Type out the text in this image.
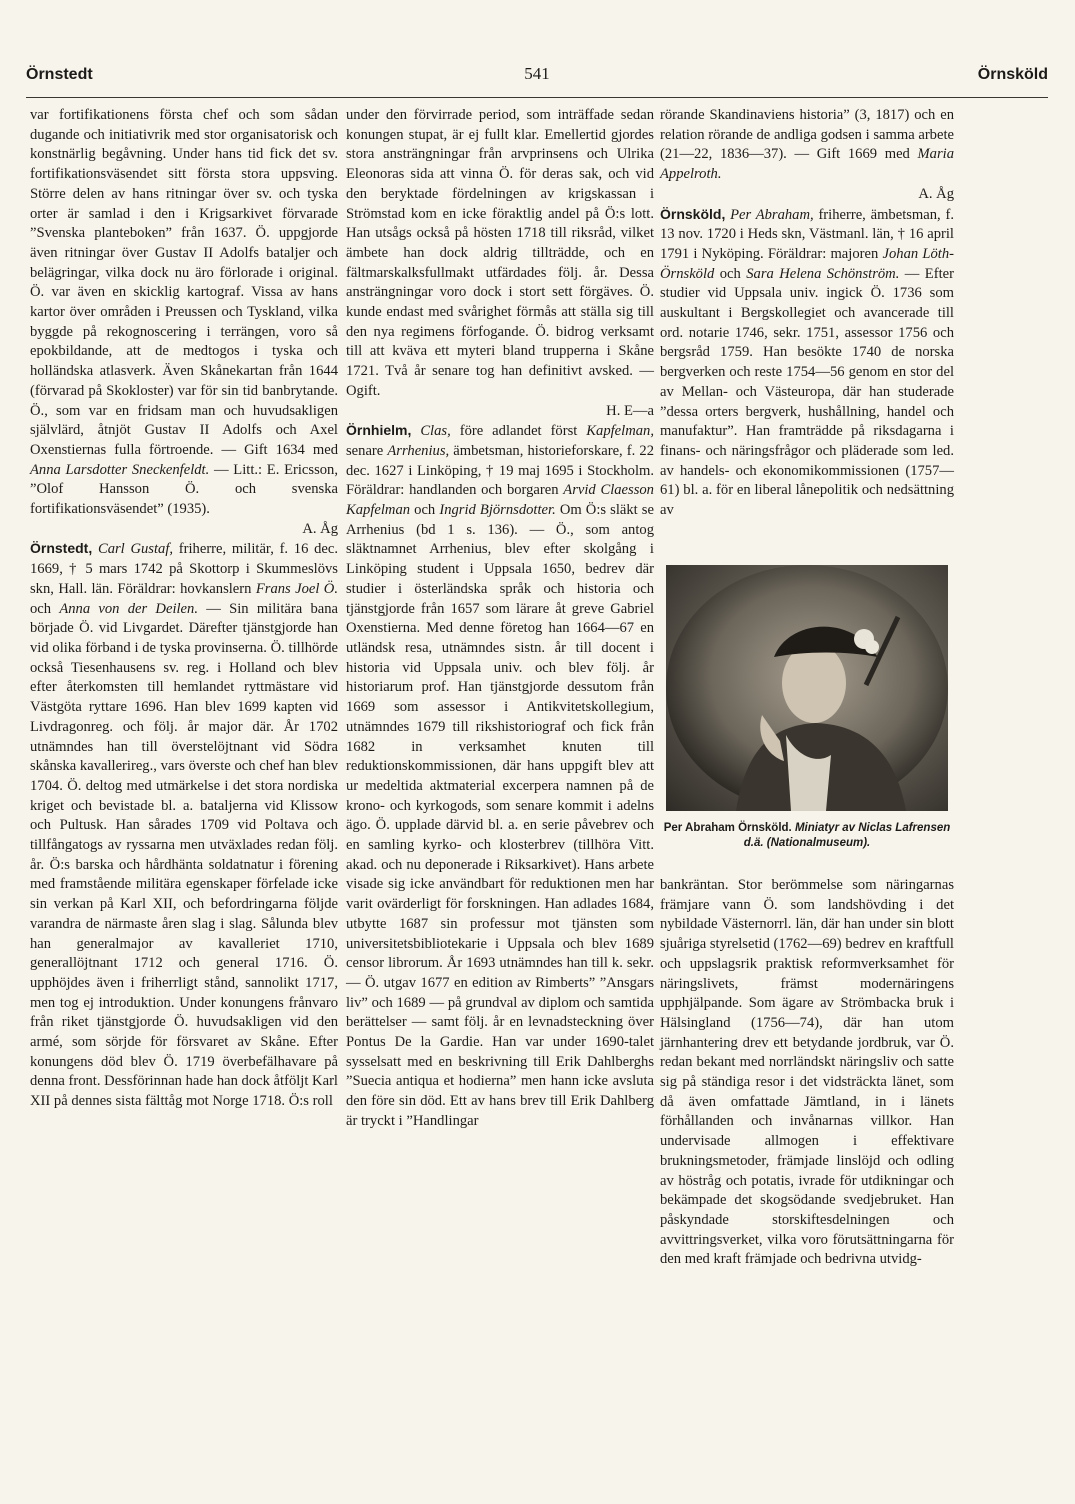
Örnstedt	541	Örnsköld

var fortifikationens första chef och som sådan dugande och initiativrik med stor organisatorisk och konstnärlig begåvning. Under hans tid fick det sv. fortifikationsväsendet sitt första stora uppsving. Större delen av hans ritningar över sv. och tyska orter är samlad i den i Krigsarkivet förvarade ”Svenska planteboken” från 1637. Ö. uppgjorde även ritningar över Gustav II Adolfs bataljer och belägringar, vilka dock nu äro förlorade i original. Ö. var även en skicklig kartograf. Vissa av hans kartor över områden i Preussen och Tyskland, vilka byggde på rekognoscering i terrängen, voro så epokbildande, att de medtogos i tyska och holländska atlasverk. Även Skånekartan från 1644 (förvarad på Skokloster) var för sin tid banbrytande. Ö., som var en fridsam man och huvudsakligen självlärd, åtnjöt Gustav II Adolfs och Axel Oxenstiernas fulla förtroende. — Gift 1634 med Anna Larsdotter Sneckenfeldt. — Litt.: E. Ericsson, ”Olof Hansson Ö. och svenska fortifikationsväsendet” (1935).
A. Åg

Örnstedt, Carl Gustaf, friherre, militär, f. 16 dec. 1669, † 5 mars 1742 på Skottorp i Skummeslövs skn, Hall. län. Föräldrar: hovkanslern Frans Joel Ö. och Anna von der Deilen. — Sin militära bana började Ö. vid Livgardet. Därefter tjänstgjorde han vid olika förband i de tyska provinserna. Ö. tillhörde också Tiesenhausens sv. reg. i Holland och blev efter återkomsten till hemlandet ryttmästare vid Västgöta ryttare 1696. Han blev 1699 kapten vid Livdragonreg. och följ. år major där. År 1702 utnämndes han till överstelöjtnant vid Södra skånska kavallerireg., vars överste och chef han blev 1704. Ö. deltog med utmärkelse i det stora nordiska kriget och bevistade bl. a. bataljerna vid Klissow och Pultusk. Han sårades 1709 vid Poltava och tillfångatogs av ryssarna men utväxlades redan följ. år. Ö:s barska och hårdhänta soldatnatur i förening med framstående militära egenskaper förfelade icke sin verkan på Karl XII, och befordringarna följde varandra de närmaste åren slag i slag. Sålunda blev han generalmajor av kavalleriet 1710, generallöjtnant 1712 och general 1716. Ö. upphöjdes även i friherrligt stånd, sannolikt 1717, men tog ej introduktion. Under konungens frånvaro från riket tjänstgjorde Ö. huvudsakligen vid den armé, som sörjde för försvaret av Skåne. Efter konungens död blev Ö. 1719 överbefälhavare på denna front. Dessförinnan hade han dock åtföljt Karl XII på dennes sista fälttåg mot Norge 1718. Ö:s roll

under den förvirrade period, som inträffade sedan konungen stupat, är ej fullt klar. Emellertid gjordes stora ansträngningar från arvprinsens och Ulrika Eleonoras sida att vinna Ö. för deras sak, och vid den beryktade fördelningen av krigskassan i Strömstad kom en icke föraktlig andel på Ö:s lott. Han utsågs också på hösten 1718 till riksråd, vilket ämbete han dock aldrig tillträdde, och en fältmarskalksfullmakt utfärdades följ. år. Dessa ansträngningar voro dock i stort sett förgäves. Ö. kunde endast med svårighet förmås att ställa sig till den nya regimens förfogande. Ö. bidrog verksamt till att kväva ett myteri bland trupperna i Skåne 1721. Två år senare tog han definitivt avsked. — Ogift.
H. E—a

Örnhielm, Clas, före adlandet först Kapfelman, senare Arrhenius, ämbetsman, historieforskare, f. 22 dec. 1627 i Linköping, † 19 maj 1695 i Stockholm. Föräldrar: handlanden och borgaren Arvid Claesson Kapfelman och Ingrid Björnsdotter. Om Ö:s släkt se Arrhenius (bd 1 s. 136). — Ö., som antog släktnamnet Arrhenius, blev efter skolgång i Linköping student i Uppsala 1650, bedrev där studier i österländska språk och historia och tjänstgjorde från 1657 som lärare åt greve Gabriel Oxenstierna. Med denne företog han 1664—67 en utländsk resa, utnämndes sistn. år till docent i historia vid Uppsala univ. och blev följ. år historiarum prof. Han tjänstgjorde dessutom från 1669 som assessor i Antikvitetskollegium, utnämndes 1679 till rikshistoriograf och fick från 1682 in verksamhet knuten till reduktionskommissionen, där hans uppgift blev att ur medeltida aktmaterial excerpera namnen på de krono- och kyrkogods, som senare kommit i adelns ägo. Ö. upplade därvid bl. a. en serie påvebrev och en samling kyrko- och klosterbrev (tillhöra Vitt. akad. och nu deponerade i Riksarkivet). Hans arbete visade sig icke användbart för reduktionen men har varit ovärderligt för forskningen. Han adlades 1684, utbytte 1687 sin professur mot tjänsten som universitetsbibliotekarie i Uppsala och blev 1689 censor librorum. År 1693 utnämndes han till k. sekr. — Ö. utgav 1677 en edition av Rimberts” ”Ansgars liv” och 1689 — på grundval av diplom och samtida berättelser — samt följ. år en levnadsteckning över Pontus De la Gardie. Han var under 1690-talet sysselsatt med en beskrivning till Erik Dahlberghs ”Suecia antiqua et hodierna” men hann icke avsluta den före sin död. Ett av hans brev till Erik Dahlberg är tryckt i ”Handlingar

rörande Skandinaviens historia” (3, 1817) och en relation rörande de andliga godsen i samma arbete (21—22, 1836—37). — Gift 1669 med Maria Appelroth.
A. Åg

Örnsköld, Per Abraham, friherre, ämbetsman, f. 13 nov. 1720 i Heds skn, Västmanl. län, † 16 april 1791 i Nyköping. Föräldrar: majoren Johan Löth-Örnsköld och Sara Helena Schönström. — Efter studier vid Uppsala univ. ingick Ö. 1736 som auskultant i Bergskollegiet och avancerade till ord. notarie 1746, sekr. 1751, assessor 1756 och bergsråd 1759. Han besökte 1740 de norska bergverken och reste 1754—56 genom en stor del av Mellan- och Västeuropa, där han studerade ”dessa orters bergverk, hushållning, handel och manufaktur”. Han framträdde på riksdagarna i finans- och näringsfrågor och pläderade som led. av handels- och ekonomikommissionen (1757—61) bl. a. för en liberal lånepolitik och nedsättning av

Per Abraham Örnsköld. Miniatyr av Niclas Lafrensen d.ä. (Nationalmuseum).

bankräntan. Stor berömmelse som näringarnas främjare vann Ö. som landshövding i det nybildade Västernorrl. län, där han under sin blott sjuåriga styrelsetid (1762—69) bedrev en kraftfull och uppslagsrik praktisk reformverksamhet för näringslivets, främst modernäringens upphjälpande. Som ägare av Strömbacka bruk i Hälsingland (1756—74), där han utom järnhantering drev ett betydande jordbruk, var Ö. redan bekant med norrländskt näringsliv och satte sig på ständiga resor i det vidsträckta länet, som då även omfattade Jämtland, in i länets förhållanden och invånarnas villkor. Han undervisade allmogen i effektivare brukningsmetoder, främjade linslöjd och odling av höstråg och potatis, ivrade för utdikningar och bekämpade det skogsödande svedjebruket. Han påskyndade storskiftesdelningen och avvittringsverket, vilka voro förutsättningarna för den med kraft främjade och bedrivna utvidg-
